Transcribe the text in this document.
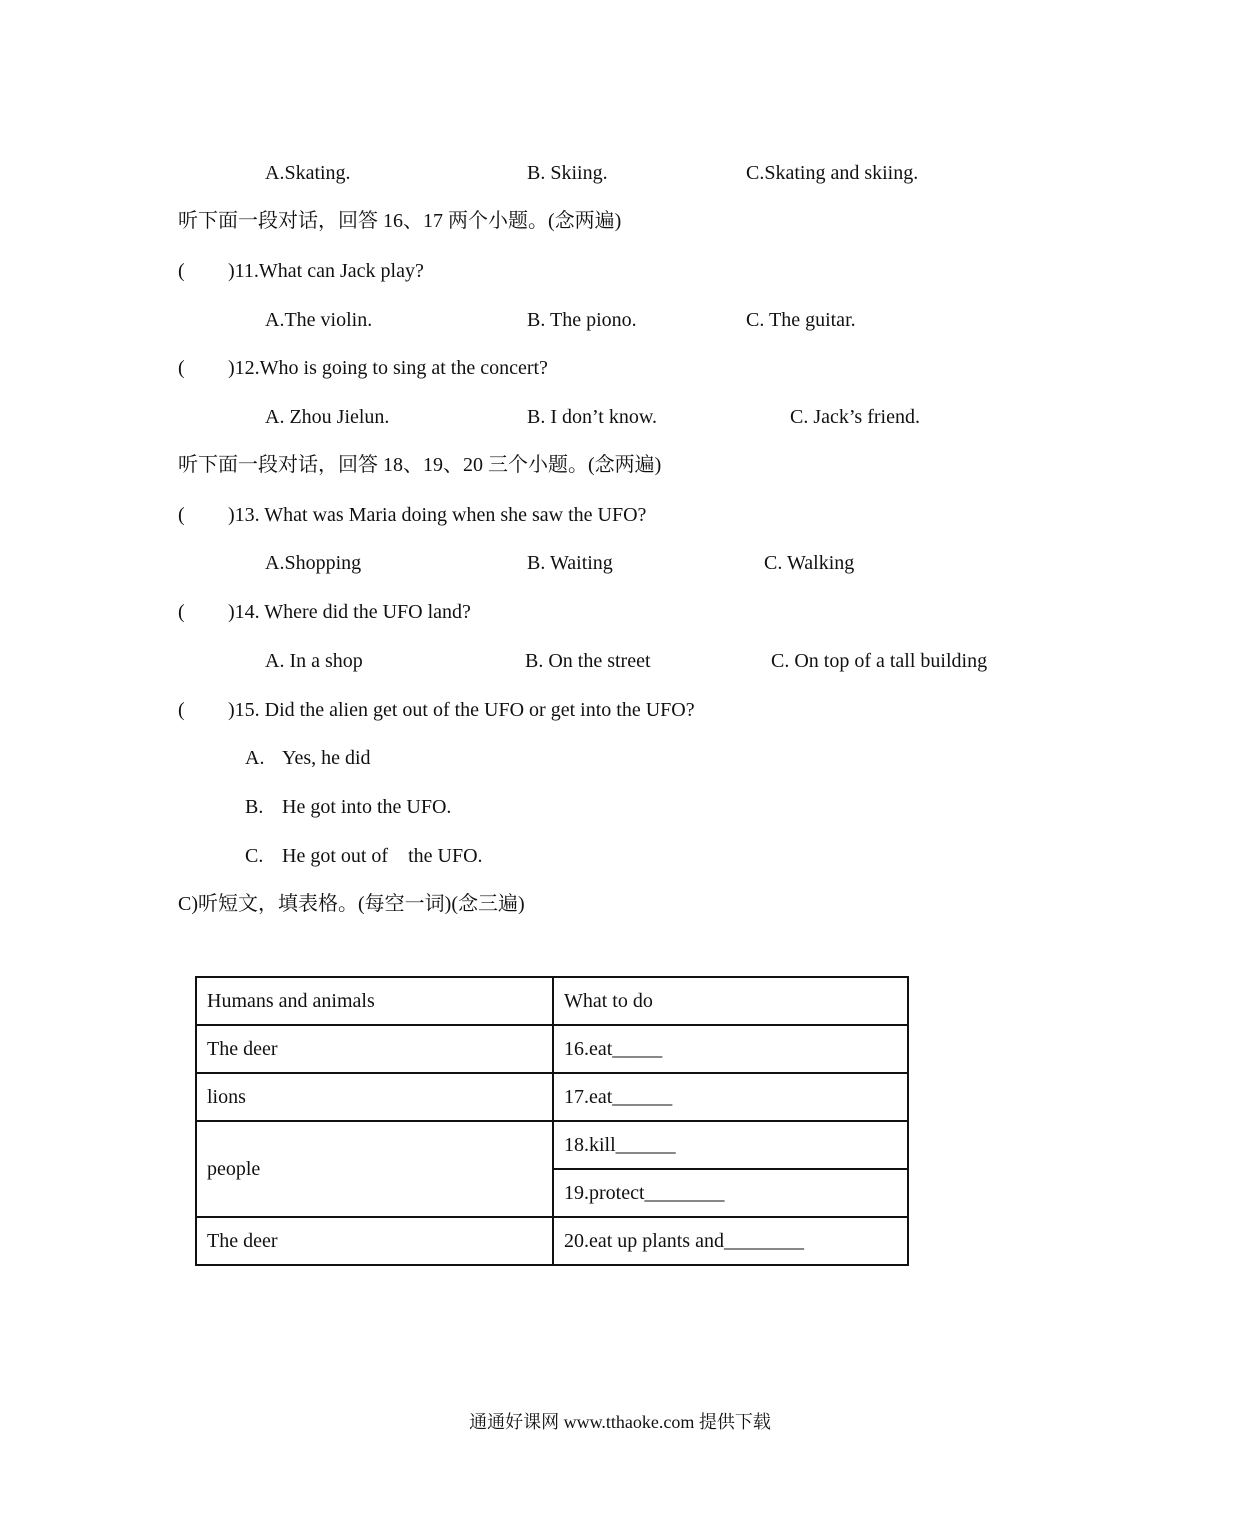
A.Skating.	B. Skiing.	C.Skating and skiing.
听下面一段对话，回答 16、17 两个小题。(念两遍)
( )11.What can Jack play?
A.The violin.	B. The piono.	C. The guitar.
( )12.Who is going to sing at the concert?
A. Zhou Jielun.	B. I don’t know.	C. Jack’s friend.
听下面一段对话，回答 18、19、20 三个小题。(念两遍)
( )13. What was Maria doing when she saw the UFO?
A.Shopping	B. Waiting	C. Walking
( )14. Where did the UFO land?
A. In a shop	B. On the street	C. On top of a tall building
( )15. Did the alien get out of the UFO or get into the UFO?
A. Yes, he did
B. He got into the UFO.
C. He got out of    the UFO.
C)听短文，填表格。(每空一词)(念三遍)
Humans and animals	What to do
The deer	16.eat_____
lions	17.eat______
people	18.kill______
	19.protect________
The deer	20.eat up plants and________
通通好课网 www.tthaoke.com 提供下载
